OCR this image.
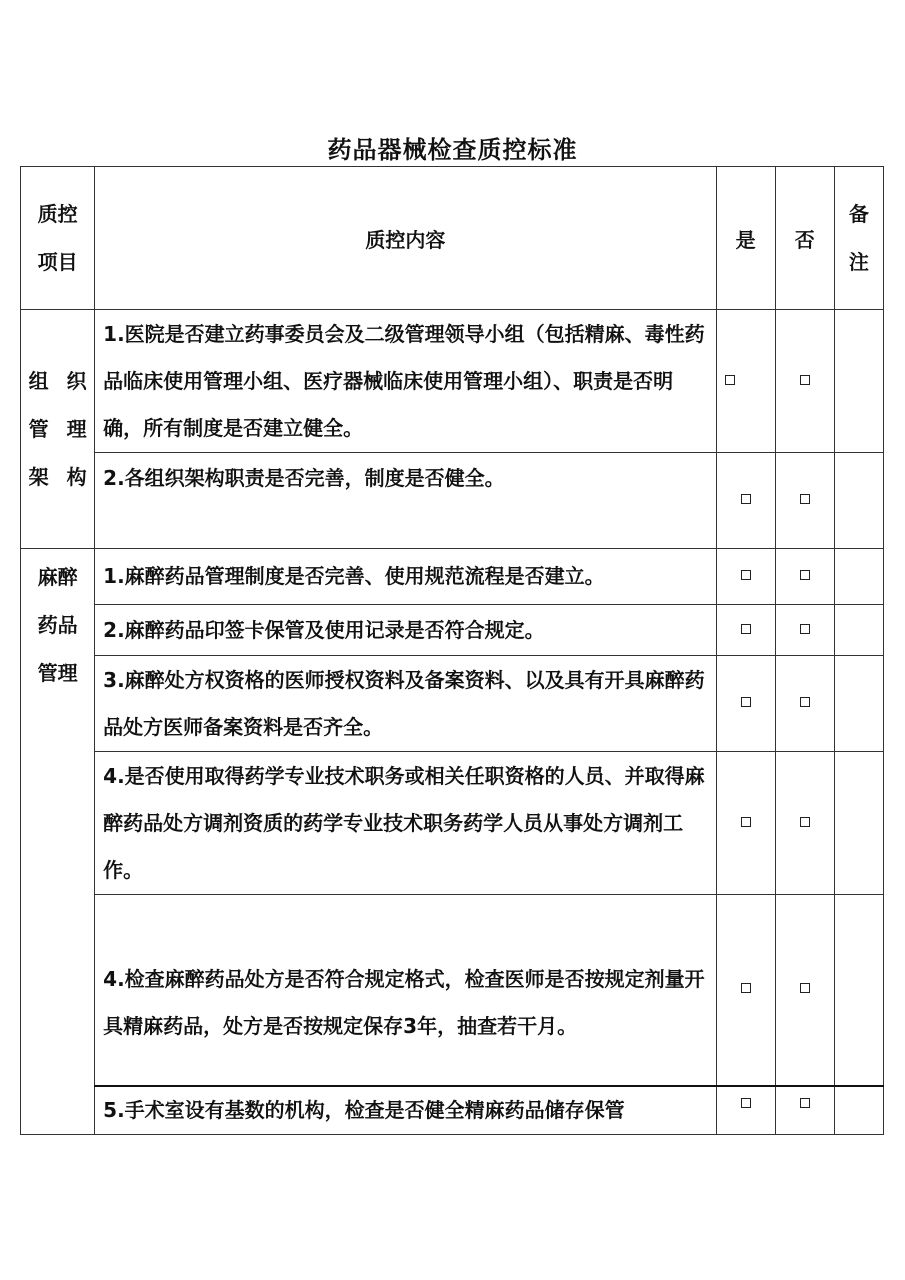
药品器械检查质控标准
质控项目	质控内容	是	否	备注

组织管理架构	1.医院是否建立药事委员会及二级管理领导小组（包括精麻、毒性药品临床使用管理小组、医疗器械临床使用管理小组）、职责是否明确，所有制度是否建立健全。			
	2.各组织架构职责是否完善，制度是否健全。			

麻醉药品管理	1.麻醉药品管理制度是否完善、使用规范流程是否建立。			
	2.麻醉药品印签卡保管及使用记录是否符合规定。			
	3.麻醉处方权资格的医师授权资料及备案资料、以及具有开具麻醉药品处方医师备案资料是否齐全。			
	4.是否使用取得药学专业技术职务或相关任职资格的人员、并取得麻醉药品处方调剂资质的药学专业技术职务药学人员从事处方调剂工作。			
	4.检查麻醉药品处方是否符合规定格式，检查医师是否按规定剂量开具精麻药品，处方是否按规定保存3年，抽查若干月。			
	5.手术室设有基数的机构，检查是否健全精麻药品储存保管			
